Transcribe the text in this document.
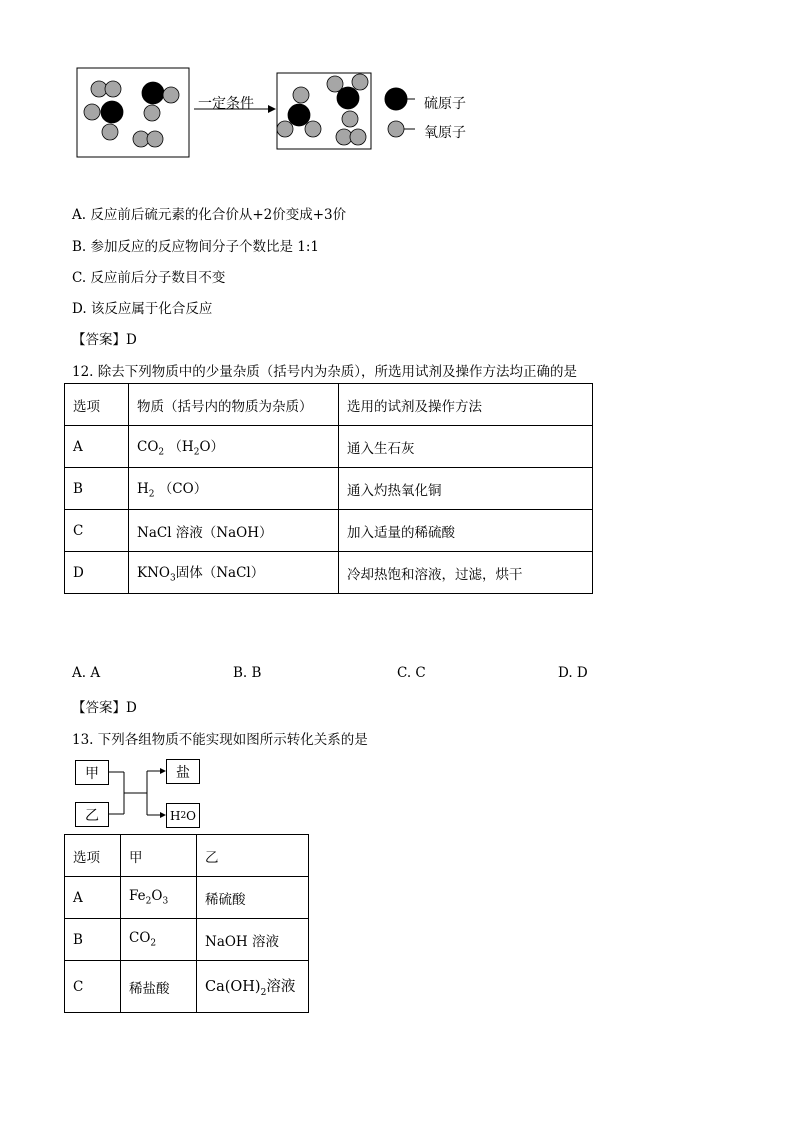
一定条件	硫原子
氧原子
A. 反应前后硫元素的化合价从+2价变成+3价
B. 参加反应的反应物间分子个数比是 1:1
C. 反应前后分子数目不变
D. 该反应属于化合反应
【答案】D
12. 除去下列物质中的少量杂质（括号内为杂质），所选用试剂及操作方法均正确的是
选项	物质（括号内的物质为杂质）	选用的试剂及操作方法
A	$CO_2$ $(H_2O)$	通入生石灰
B	$H_2$ （CO）	通入灼热氧化铜
C	NaCl 溶液（NaOH）	加入适量的稀硫酸
D	$KNO_3$固体（NaCl）	冷却热饱和溶液，过滤，烘干
A. A	B. B	C. C	D. D
【答案】D
13. 下列各组物质不能实现如图所示转化关系的是
甲
乙
盐
H 2 O
选项	甲	乙
A	$Fe_2O_3$	稀硫酸
B	$CO_2$	NaOH 溶液
C	稀盐酸	$Ca(OH)_2$溶液
